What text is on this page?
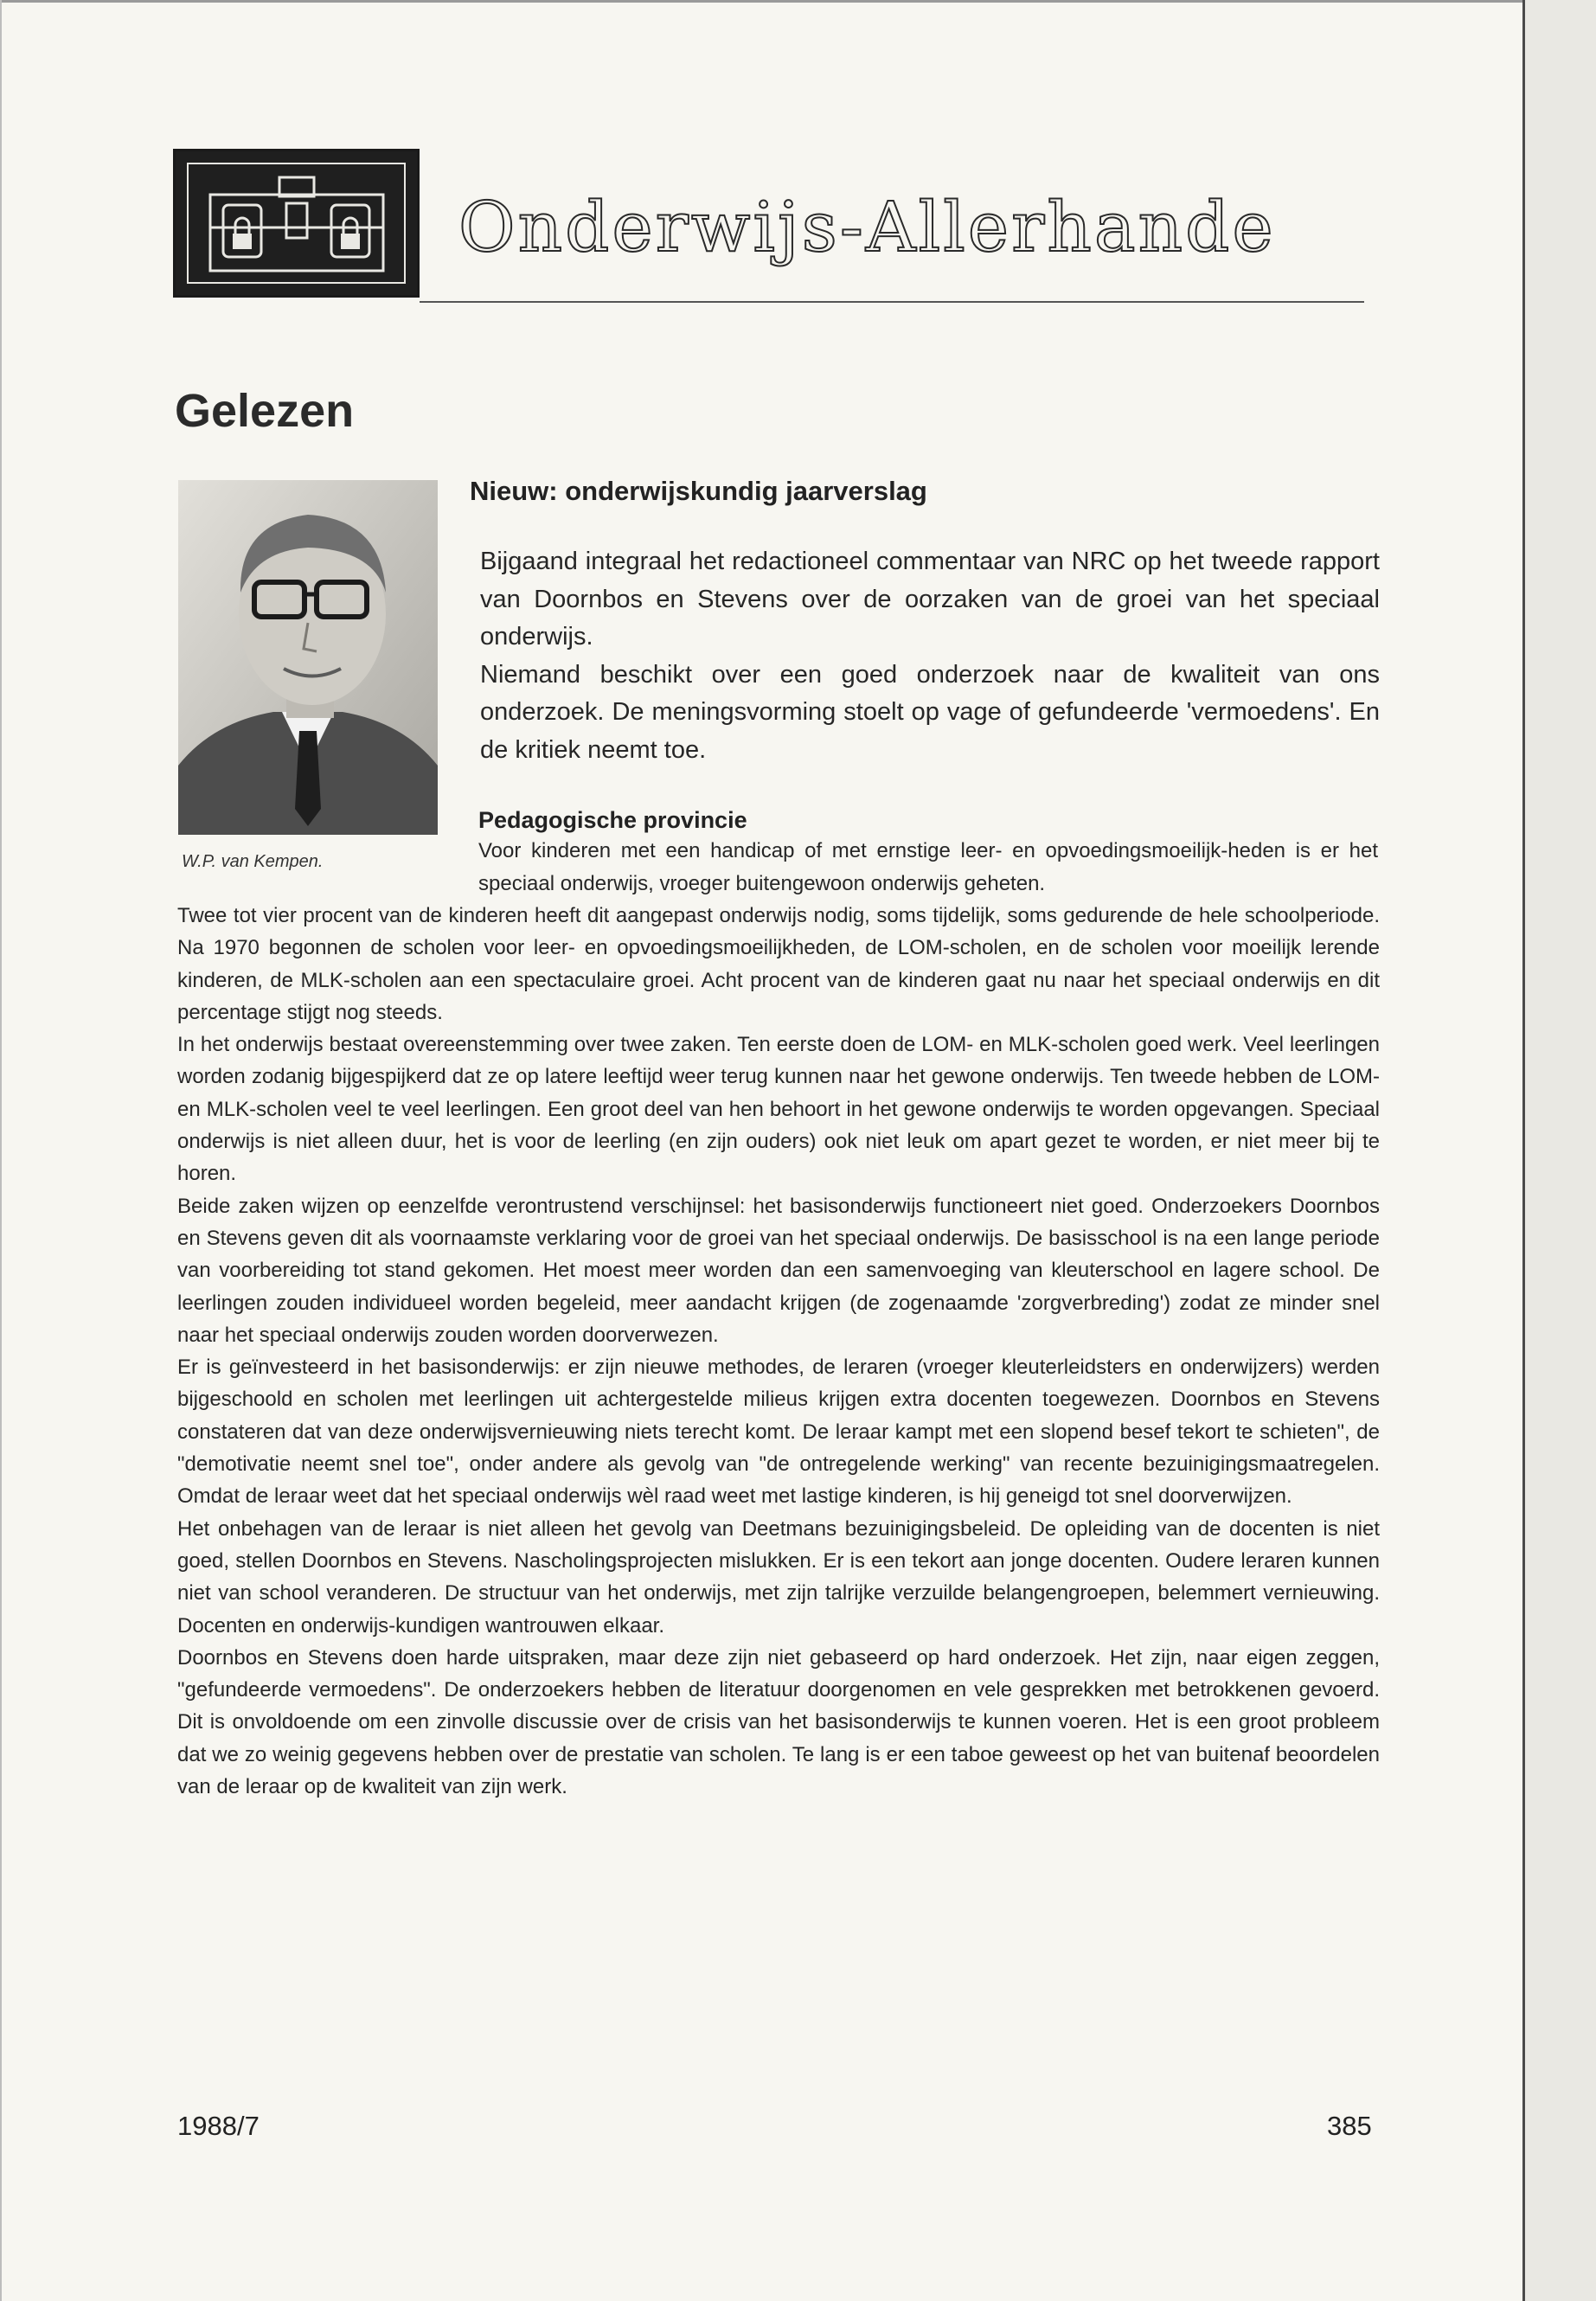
Onderwijs-Allerhande
Gelezen
W.P. van Kempen.
Nieuw: onderwijskundig jaarverslag

Bijgaand integraal het redactioneel commentaar van NRC op het tweede rapport van Doornbos en Stevens over de oorzaken van de groei van het speciaal onderwijs.

Niemand beschikt over een goed onderzoek naar de kwaliteit van ons onderzoek. De meningsvorming stoelt op vage of gefundeerde 'vermoedens'. En de kritiek neemt toe.

Pedagogische provincie
Voor kinderen met een handicap of met ernstige leer- en opvoedingsmoeilijk-heden is er het speciaal onderwijs, vroeger buitengewoon onderwijs geheten.

Twee tot vier procent van de kinderen heeft dit aangepast onderwijs nodig, soms tijdelijk, soms gedurende de hele schoolperiode. Na 1970 begonnen de scholen voor leer- en opvoedingsmoeilijkheden, de LOM-scholen, en de scholen voor moeilijk lerende kinderen, de MLK-scholen aan een spectaculaire groei. Acht procent van de kinderen gaat nu naar het speciaal onderwijs en dit percentage stijgt nog steeds.

In het onderwijs bestaat overeenstemming over twee zaken. Ten eerste doen de LOM- en MLK-scholen goed werk. Veel leerlingen worden zodanig bijgespijkerd dat ze op latere leeftijd weer terug kunnen naar het gewone onderwijs. Ten tweede hebben de LOM- en MLK-scholen veel te veel leerlingen. Een groot deel van hen behoort in het gewone onderwijs te worden opgevangen. Speciaal onderwijs is niet alleen duur, het is voor de leerling (en zijn ouders) ook niet leuk om apart gezet te worden, er niet meer bij te horen.

Beide zaken wijzen op eenzelfde verontrustend verschijnsel: het basisonderwijs functioneert niet goed. Onderzoekers Doornbos en Stevens geven dit als voornaamste verklaring voor de groei van het speciaal onderwijs. De basisschool is na een lange periode van voorbereiding tot stand gekomen. Het moest meer worden dan een samenvoeging van kleuterschool en lagere school. De leerlingen zouden individueel worden begeleid, meer aandacht krijgen (de zogenaamde 'zorgverbreding') zodat ze minder snel naar het speciaal onderwijs zouden worden doorverwezen.

Er is geïnvesteerd in het basisonderwijs: er zijn nieuwe methodes, de leraren (vroeger kleuterleidsters en onderwijzers) werden bijgeschoold en scholen met leerlingen uit achtergestelde milieus krijgen extra docenten toegewezen. Doornbos en Stevens constateren dat van deze onderwijsvernieuwing niets terecht komt. De leraar kampt met een slopend besef tekort te schieten", de "demotivatie neemt snel toe", onder andere als gevolg van "de ontregelende werking" van recente bezuinigingsmaatregelen. Omdat de leraar weet dat het speciaal onderwijs wèl raad weet met lastige kinderen, is hij geneigd tot snel doorverwijzen.

Het onbehagen van de leraar is niet alleen het gevolg van Deetmans bezuinigingsbeleid. De opleiding van de docenten is niet goed, stellen Doornbos en Stevens. Nascholingsprojecten mislukken. Er is een tekort aan jonge docenten. Oudere leraren kunnen niet van school veranderen. De structuur van het onderwijs, met zijn talrijke verzuilde belangengroepen, belemmert vernieuwing. Docenten en onderwijs-kundigen wantrouwen elkaar.

Doornbos en Stevens doen harde uitspraken, maar deze zijn niet gebaseerd op hard onderzoek. Het zijn, naar eigen zeggen, "gefundeerde vermoedens". De onderzoekers hebben de literatuur doorgenomen en vele gesprekken met betrokkenen gevoerd. Dit is onvoldoende om een zinvolle discussie over de crisis van het basisonderwijs te kunnen voeren. Het is een groot probleem dat we zo weinig gegevens hebben over de prestatie van scholen. Te lang is er een taboe geweest op het van buitenaf beoordelen van de leraar op de kwaliteit van zijn werk.

1988/7	385
